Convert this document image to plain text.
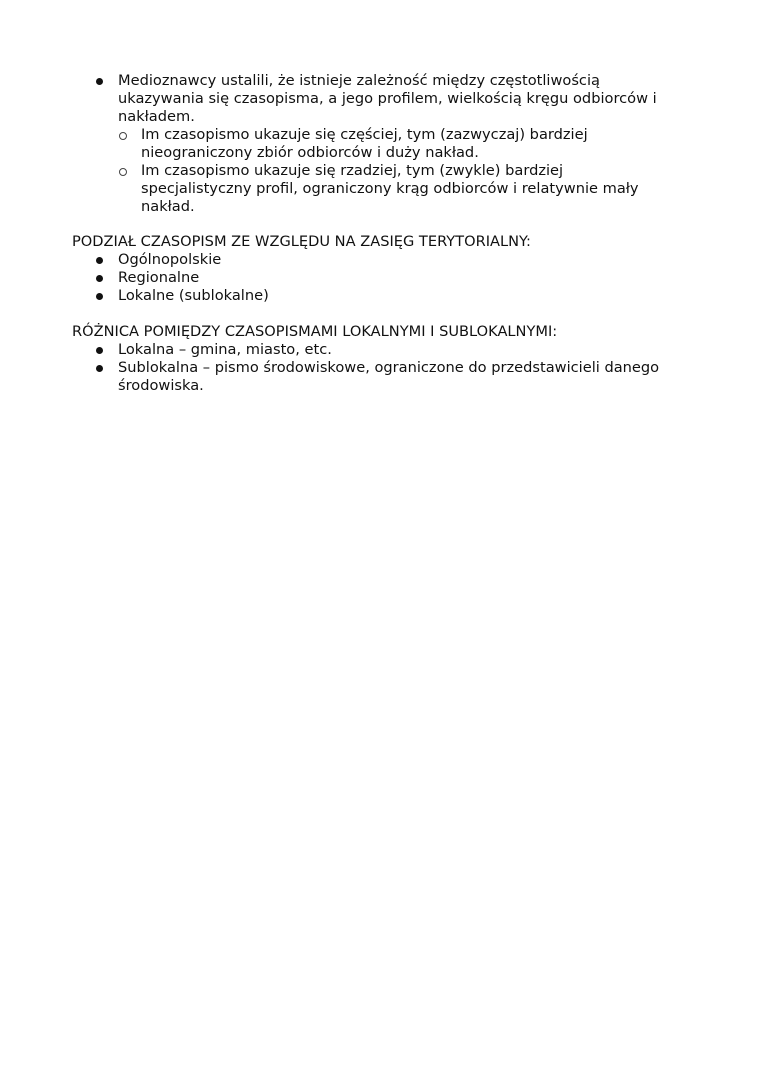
Medioznawcy ustalili, że istnieje zależność między częstotliwością
ukazywania się czasopisma, a jego profilem, wielkością kręgu odbiorców i
nakładem.
Im czasopismo ukazuje się częściej, tym (zazwyczaj) bardziej
nieograniczony zbiór odbiorców i duży nakład.
Im czasopismo ukazuje się rzadziej, tym (zwykle) bardziej
specjalistyczny profil, ograniczony krąg odbiorców i relatywnie mały
nakład.
PODZIAŁ CZASOPISM ZE WZGLĘDU NA ZASIĘG TERYTORIALNY:
Ogólnopolskie
Regionalne
Lokalne (sublokalne)
RÓŻNICA POMIĘDZY CZASOPISMAMI LOKALNYMI I SUBLOKALNYMI:
Lokalna – gmina, miasto, etc.
Sublokalna – pismo środowiskowe, ograniczone do przedstawicieli danego
środowiska.
